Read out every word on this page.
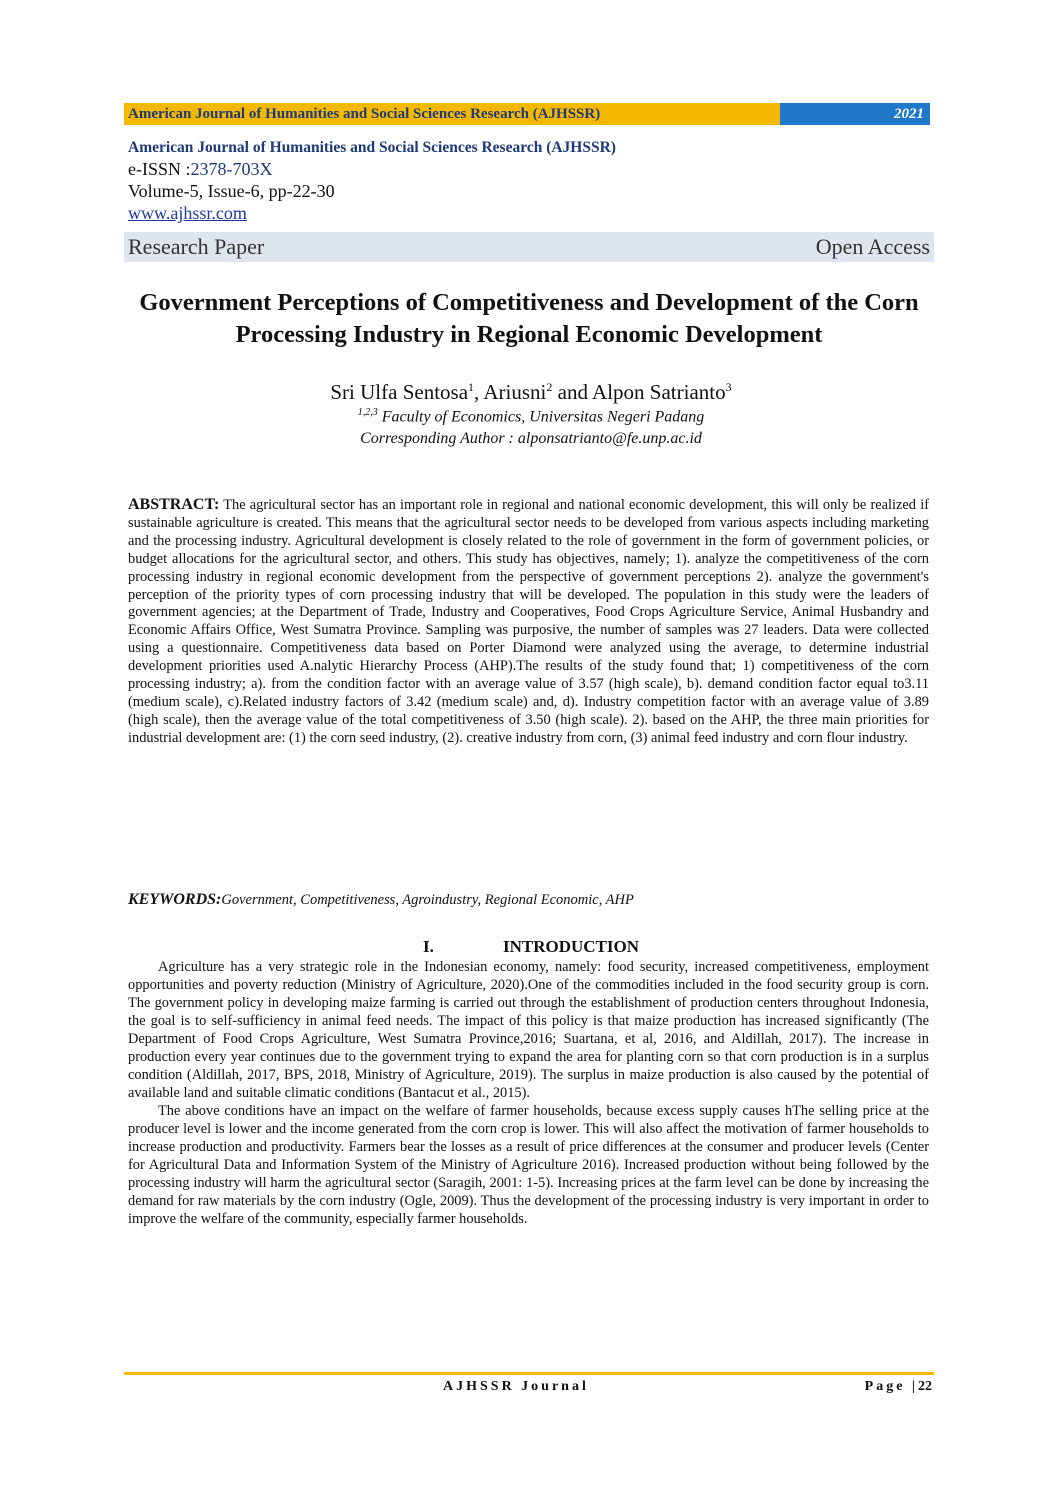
American Journal of Humanities and Social Sciences Research (AJHSSR)	2021
American Journal of Humanities and Social Sciences Research (AJHSSR)
e-ISSN :2378-703X
Volume-5, Issue-6, pp-22-30
www.ajhssr.com
Research Paper	Open Access
Government Perceptions of Competitiveness and Development of the Corn Processing Industry in Regional Economic Development
Sri Ulfa Sentosa$^1$, Ariusni$^2$ and Alpon Satrianto$^3$
$^{1,2,3}$ Faculty of Economics, Universitas Negeri Padang
Corresponding Author : alponsatrianto@fe.unp.ac.id
ABSTRACT: The agricultural sector has an important role in regional and national economic development, this will only be realized if sustainable agriculture is created. This means that the agricultural sector needs to be developed from various aspects including marketing and the processing industry. Agricultural development is closely related to the role of government in the form of government policies, or budget allocations for the agricultural sector, and others. This study has objectives, namely; 1). analyze the competitiveness of the corn processing industry in regional economic development from the perspective of government perceptions 2). analyze the government's perception of the priority types of corn processing industry that will be developed. The population in this study were the leaders of government agencies; at the Department of Trade, Industry and Cooperatives, Food Crops Agriculture Service, Animal Husbandry and Economic Affairs Office, West Sumatra Province. Sampling was purposive, the number of samples was 27 leaders. Data were collected using a questionnaire. Competitiveness data based on Porter Diamond were analyzed using the average, to determine industrial development priorities used A.nalytic Hierarchy Process (AHP).The results of the study found that; 1) competitiveness of the corn processing industry; a). from the condition factor with an average value of 3.57 (high scale), b). demand condition factor equal to3.11 (medium scale), c).Related industry factors of 3.42 (medium scale) and, d). Industry competition factor with an average value of 3.89 (high scale), then the average value of the total competitiveness of 3.50 (high scale). 2). based on the AHP, the three main priorities for industrial development are: (1) the corn seed industry, (2). creative industry from corn, (3) animal feed industry and corn flour industry.
KEYWORDS:Government, Competitiveness, Agroindustry, Regional Economic, AHP
I.	INTRODUCTION

Agriculture has a very strategic role in the Indonesian economy, namely: food security, increased competitiveness, employment opportunities and poverty reduction (Ministry of Agriculture, 2020).One of the commodities included in the food security group is corn. The government policy in developing maize farming is carried out through the establishment of production centers throughout Indonesia, the goal is to self-sufficiency in animal feed needs. The impact of this policy is that maize production has increased significantly (The Department of Food Crops Agriculture, West Sumatra Province,2016; Suartana, et al, 2016, and Aldillah, 2017). The increase in production every year continues due to the government trying to expand the area for planting corn so that corn production is in a surplus condition (Aldillah, 2017, BPS, 2018, Ministry of Agriculture, 2019). The surplus in maize production is also caused by the potential of available land and suitable climatic conditions (Bantacut et al., 2015).

The above conditions have an impact on the welfare of farmer households, because excess supply causes hThe selling price at the producer level is lower and the income generated from the corn crop is lower. This will also affect the motivation of farmer households to increase production and productivity. Farmers bear the losses as a result of price differences at the consumer and producer levels (Center for Agricultural Data and Information System of the Ministry of Agriculture 2016). Increased production without being followed by the processing industry will harm the agricultural sector (Saragih, 2001: 1-5). Increasing prices at the farm level can be done by increasing the demand for raw materials by the corn industry (Ogle, 2009). Thus the development of the processing industry is very important in order to improve the welfare of the community, especially farmer households.

AJHSSR Journal	Page |22
